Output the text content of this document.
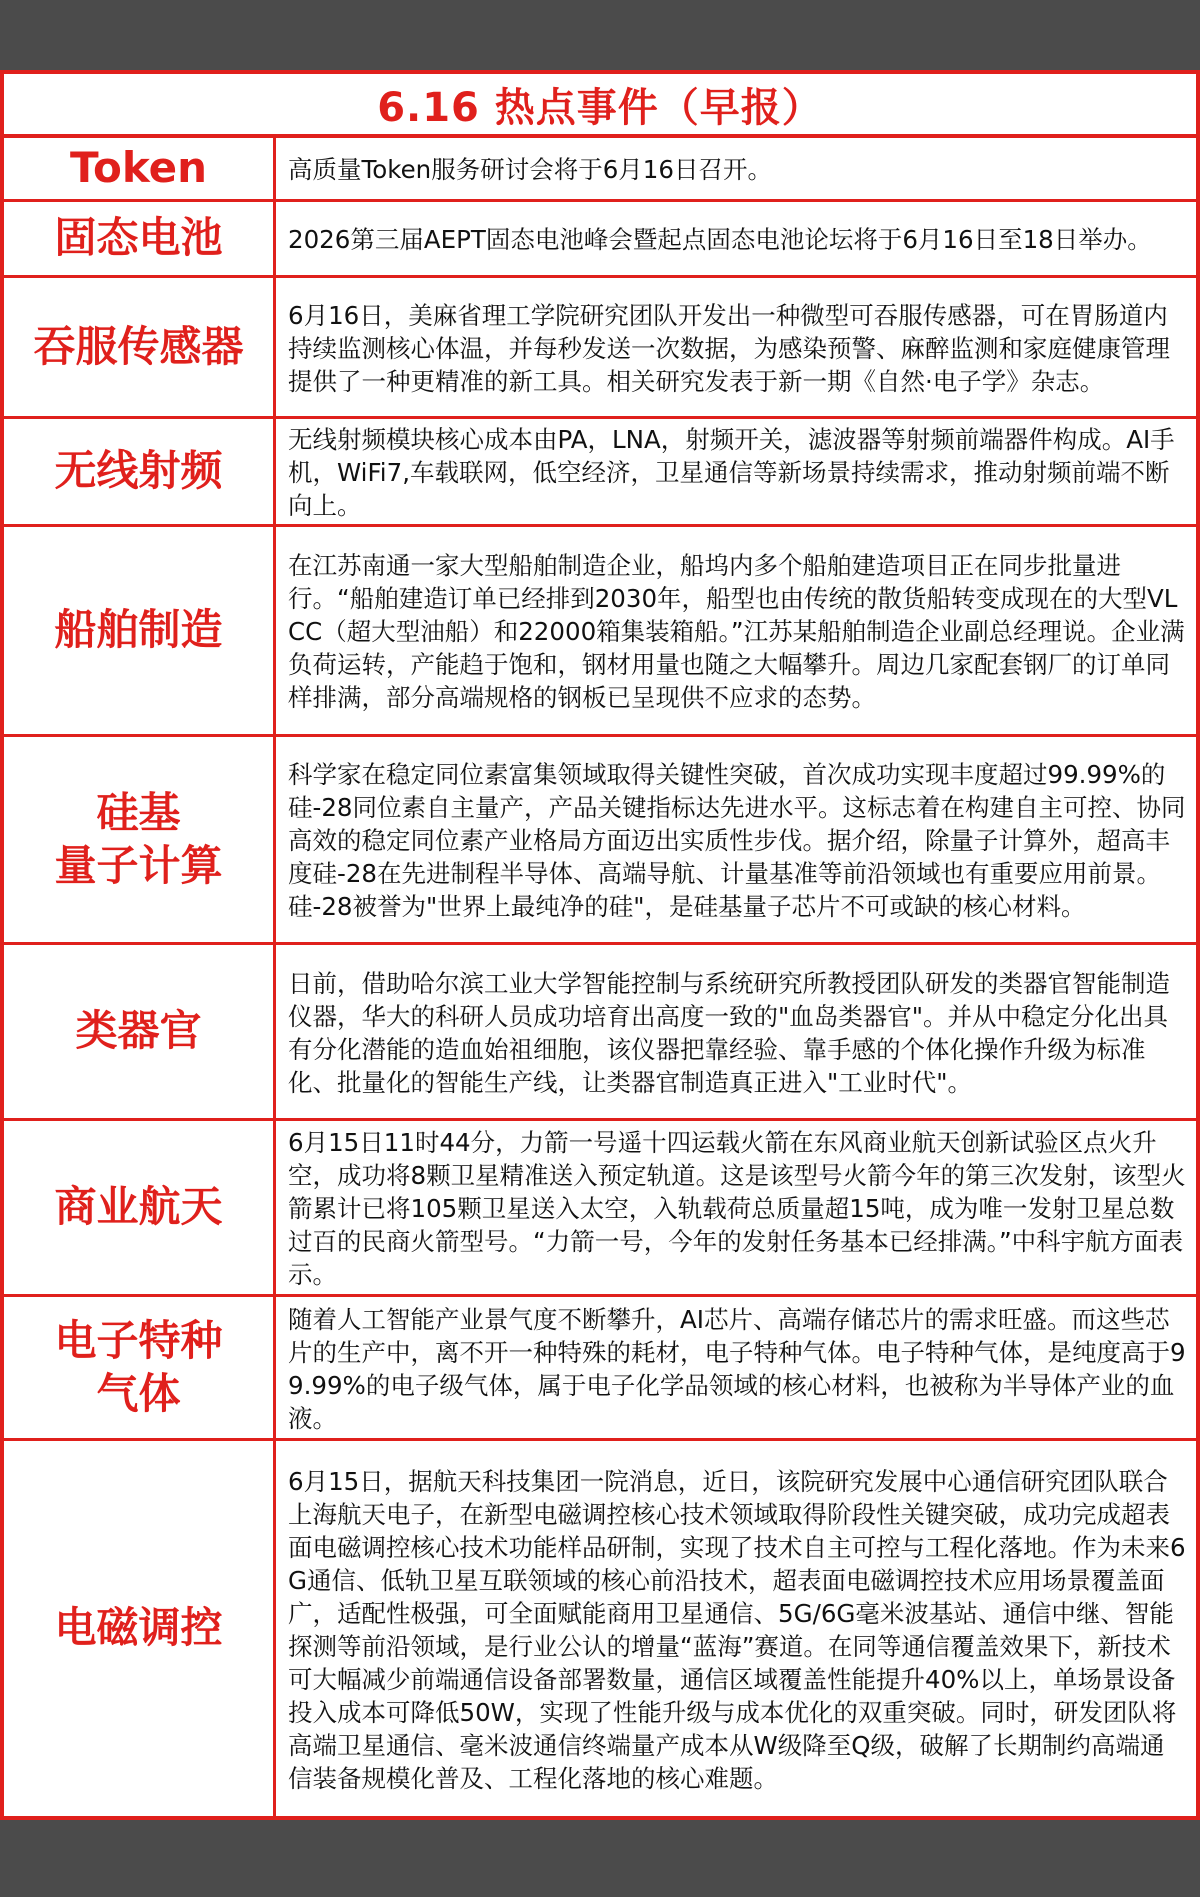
6.16 热点事件（早报）
Token	高质量Token服务研讨会将于6月16日召开。
固态电池	2026第三届AEPT固态电池峰会暨起点固态电池论坛将于6月16日至18日举办。
吞服传感器
6月16日，美麻省理工学院研究团队开发出一种微型可吞服传感器，可在胃肠道内持续监测核心体温，并每秒发送一次数据，为感染预警、麻醉监测和家庭健康管理提供了一种更精准的新工具。相关研究发表于新一期《自然·电子学》杂志。
无线射频
无线射频模块核心成本由PA，LNA，射频开关，滤波器等射频前端器件构成。AI手机，WiFi7,车载联网，低空经济，卫星通信等新场景持续需求，推动射频前端不断向上。
船舶制造
在江苏南通一家大型船舶制造企业，船坞内多个船舶建造项目正在同步批量进行。“船舶建造订单已经排到2030年，船型也由传统的散货船转变成现在的大型VLCC（超大型油船）和22000箱集装箱船。”江苏某船舶制造企业副总经理说。企业满负荷运转，产能趋于饱和，钢材用量也随之大幅攀升。周边几家配套钢厂的订单同样排满，部分高端规格的钢板已呈现供不应求的态势。
硅基
量子计算
科学家在稳定同位素富集领域取得关键性突破，首次成功实现丰度超过99.99%的硅-28同位素自主量产，产品关键指标达先进水平。这标志着在构建自主可控、协同高效的稳定同位素产业格局方面迈出实质性步伐。据介绍，除量子计算外，超高丰度硅-28在先进制程半导体、高端导航、计量基准等前沿领域也有重要应用前景。硅-28被誉为"世界上最纯净的硅"，是硅基量子芯片不可或缺的核心材料。
类器官
日前，借助哈尔滨工业大学智能控制与系统研究所教授团队研发的类器官智能制造仪器，华大的科研人员成功培育出高度一致的"血岛类器官"。并从中稳定分化出具有分化潜能的造血始祖细胞，该仪器把靠经验、靠手感的个体化操作升级为标准化、批量化的智能生产线，让类器官制造真正进入"工业时代"。
商业航天
6月15日11时44分，力箭一号遥十四运载火箭在东风商业航天创新试验区点火升空，成功将8颗卫星精准送入预定轨道。这是该型号火箭今年的第三次发射，该型火箭累计已将105颗卫星送入太空，入轨载荷总质量超15吨，成为唯一发射卫星总数过百的民商火箭型号。“力箭一号，今年的发射任务基本已经排满。”中科宇航方面表示。
电子特种
气体
随着人工智能产业景气度不断攀升，AI芯片、高端存储芯片的需求旺盛。而这些芯片的生产中，离不开一种特殊的耗材，电子特种气体。电子特种气体，是纯度高于99.99%的电子级气体，属于电子化学品领域的核心材料，也被称为半导体产业的血液。
电磁调控
6月15日，据航天科技集团一院消息，近日，该院研究发展中心通信研究团队联合上海航天电子，在新型电磁调控核心技术领域取得阶段性关键突破，成功完成超表面电磁调控核心技术功能样品研制，实现了技术自主可控与工程化落地。作为未来6G通信、低轨卫星互联领域的核心前沿技术，超表面电磁调控技术应用场景覆盖面广，适配性极强，可全面赋能商用卫星通信、5G/6G毫米波基站、通信中继、智能探测等前沿领域，是行业公认的增量“蓝海”赛道。在同等通信覆盖效果下，新技术可大幅减少前端通信设备部署数量，通信区域覆盖性能提升40%以上，单场景设备投入成本可降低50W，实现了性能升级与成本优化的双重突破。同时，研发团队将高端卫星通信、毫米波通信终端量产成本从W级降至Q级，破解了长期制约高端通信装备规模化普及、工程化落地的核心难题。
